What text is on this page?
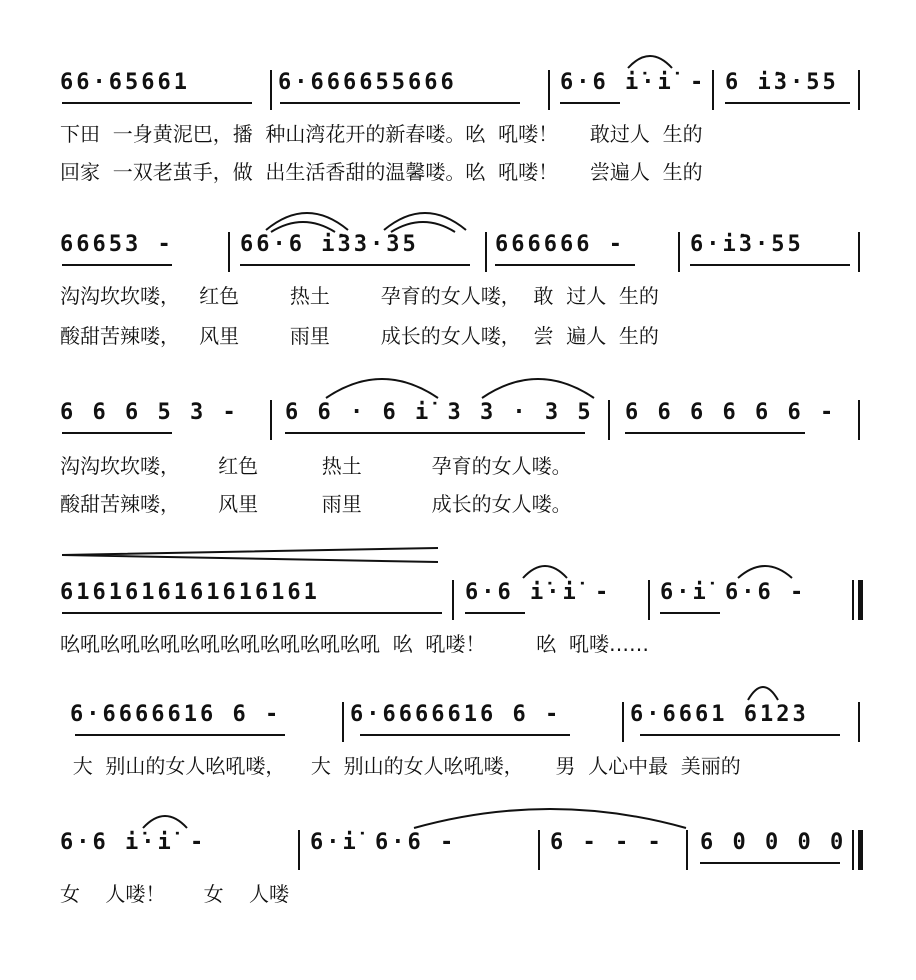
66·65661

	6·666655666

	6·6 i̇·i̇ -

6 i̇3·55

下田  一身黄泥巴，播  种山湾花开的新春喽。吆  吼喽！     敢过人  生的
回家  一双老茧手，做  出生活香甜的温馨喽。吆  吼喽！     尝遍人  生的

66653 -

	66·6 i̇33·35

	666666 -

	6·i̇3·55

沟沟坎坎喽，   红色        热土        孕育的女人喽，  敢  过人  生的
酸甜苦辣喽，   风里        雨里        成长的女人喽，  尝  遍人  生的

6 6 6 5 3 -

6 6 · 6 i̇ 3 3 · 3 5

6 6 6 6 6 6 -

沟沟坎坎喽，      红色          热土           孕育的女人喽。
酸甜苦辣喽，      风里          雨里           成长的女人喽。

6161616161616161

	6·6 i̇·i̇ -

6·i̇ 6·6 -

吆吼吆吼吆吼吆吼吆吼吆吼吆吼吆吼  吆  吼喽！        吆  吼喽……

6·6666616 6 -

	6·6666616 6 -

	6·6661 6123

大  别山的女人吆吼喽，    大  别山的女人吆吼喽，     男  人心中最  美丽的

6·6 i̇·i̇ -

	6·i̇ 6·6 -

	6 - - -

6 0 0 0 0

女    人喽！      女    人喽
